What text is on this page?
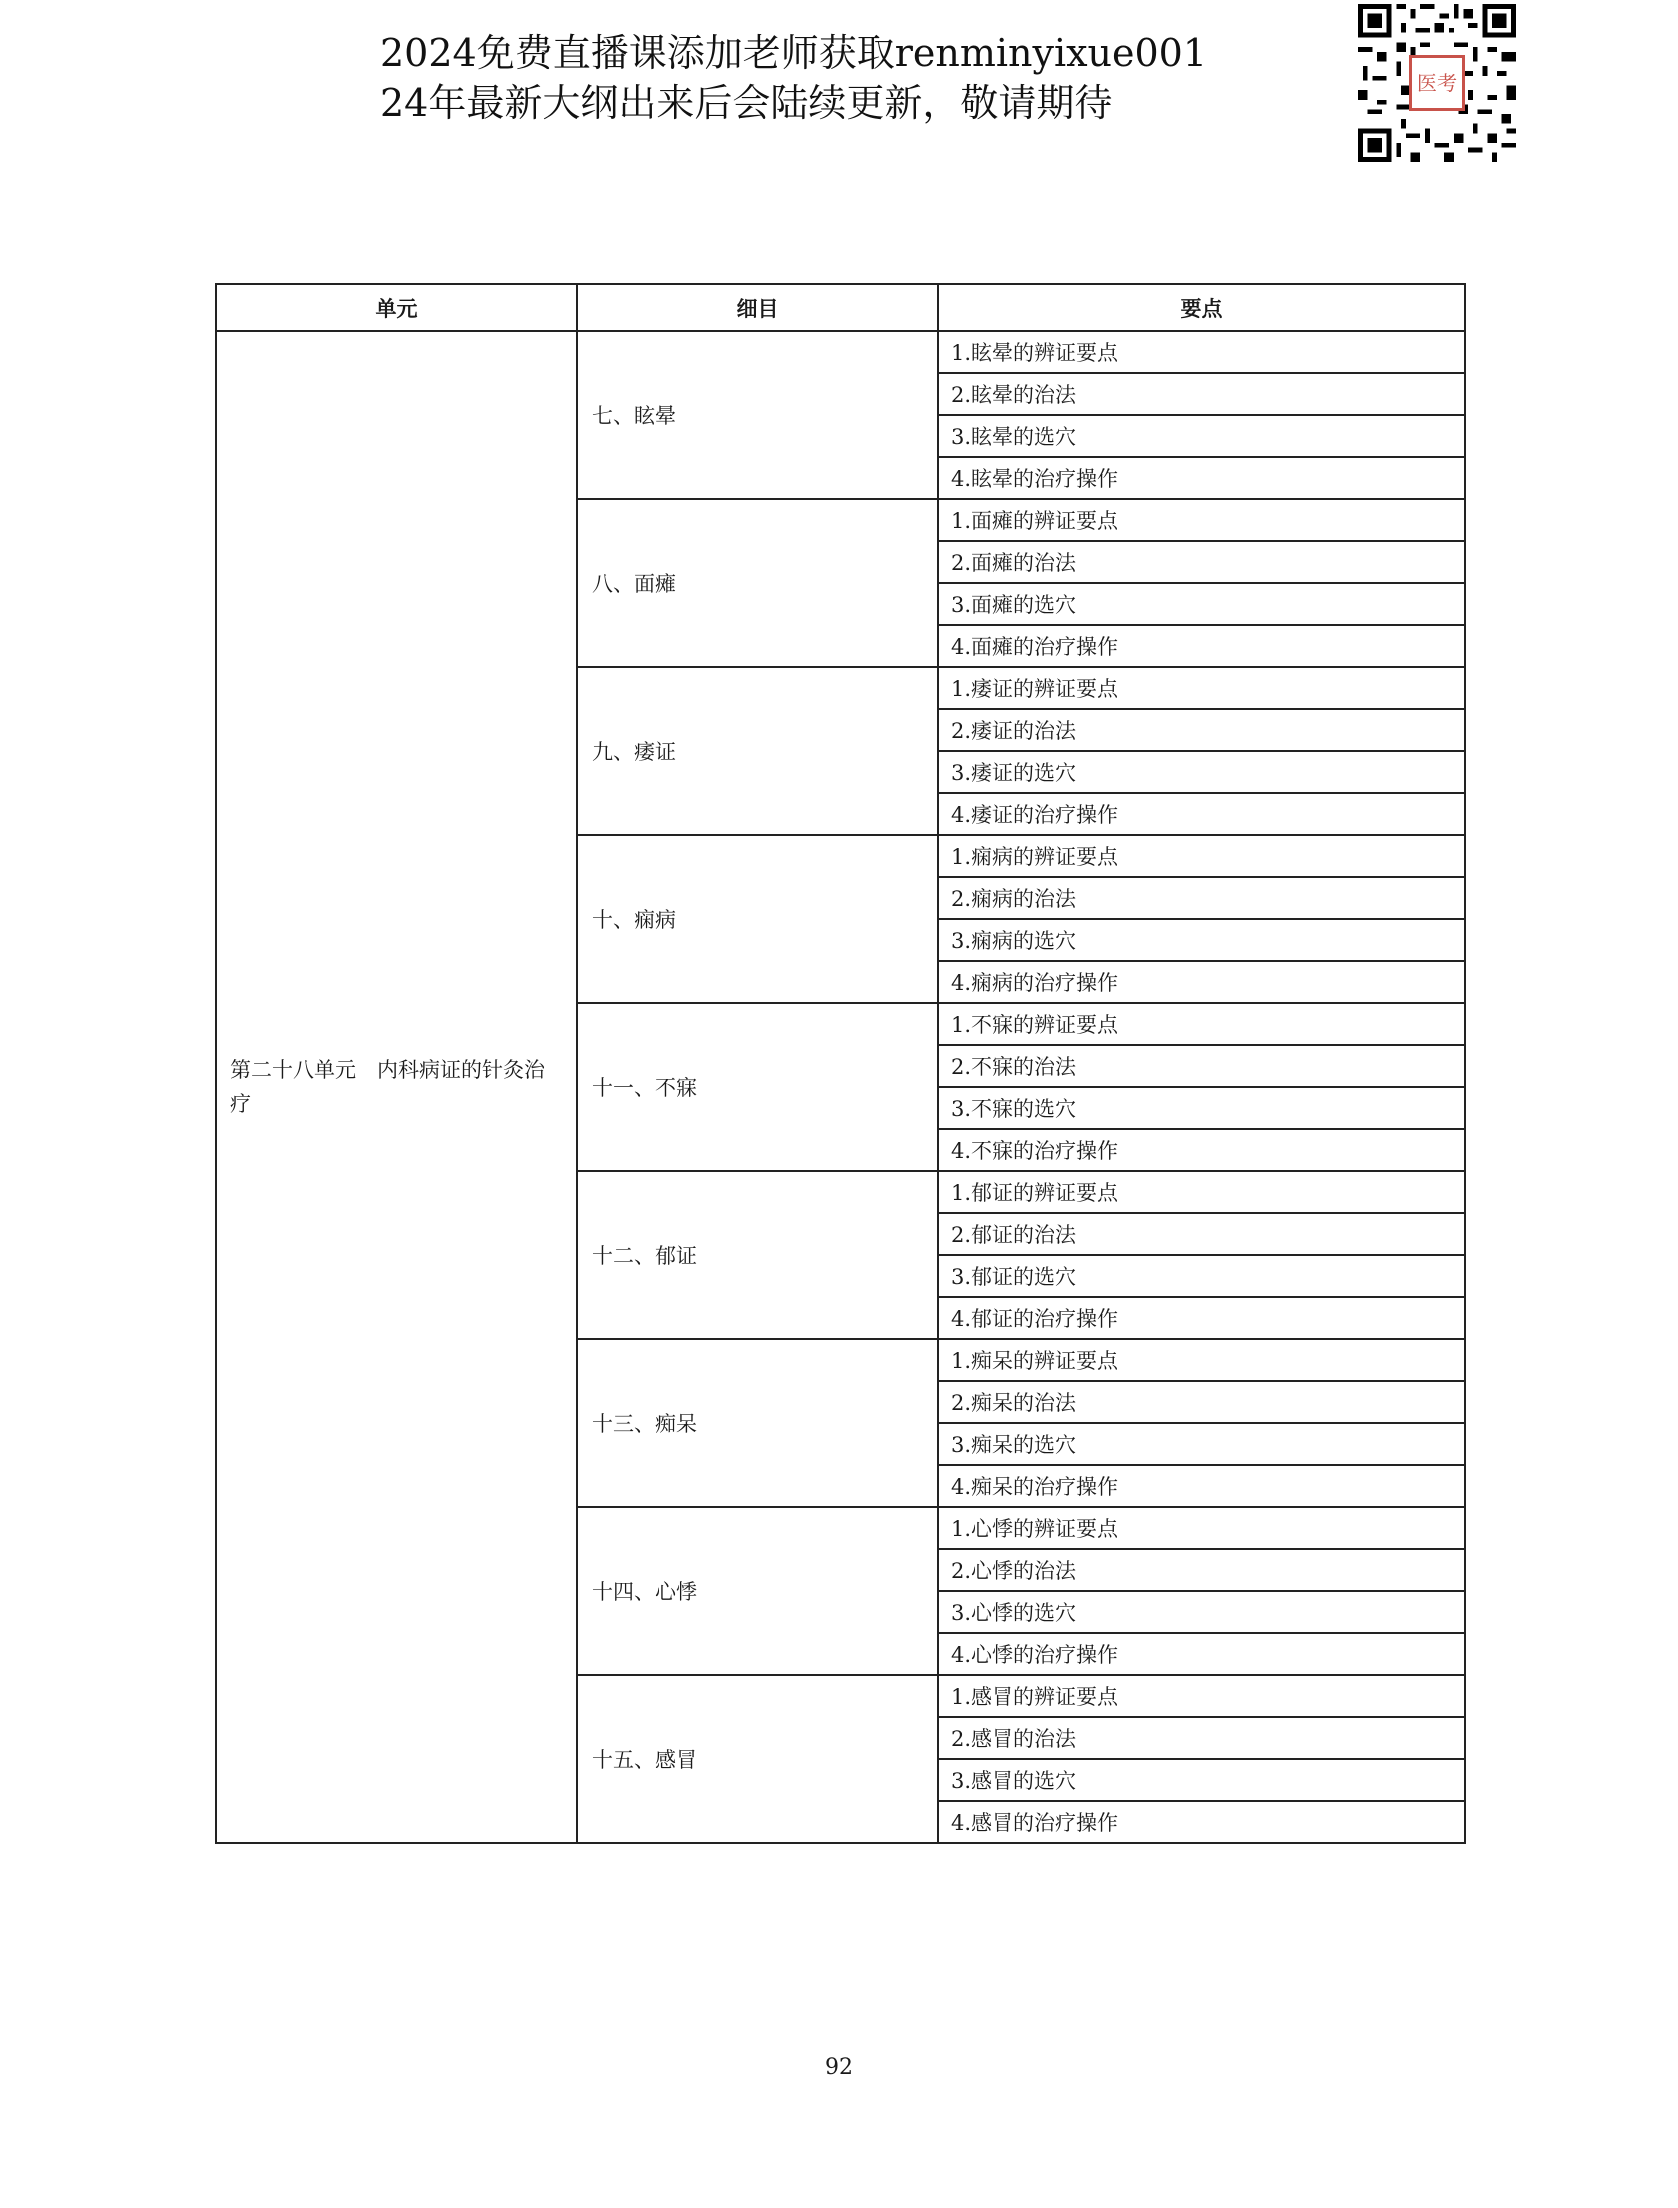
2024免费直播课添加老师获取renminyixue001
24年最新大纲出来后会陆续更新，敬请期待	医考
单元	细目	要点
第二十八单元　内科病证的针灸治疗	七、眩晕	1.眩晕的辨证要点
		2.眩晕的治法
		3.眩晕的选穴
		4.眩晕的治疗操作
	八、面瘫	1.面瘫的辨证要点
		2.面瘫的治法
		3.面瘫的选穴
		4.面瘫的治疗操作
	九、痿证	1.痿证的辨证要点
		2.痿证的治法
		3.痿证的选穴
		4.痿证的治疗操作
	十、痫病	1.痫病的辨证要点
		2.痫病的治法
		3.痫病的选穴
		4.痫病的治疗操作
	十一、不寐	1.不寐的辨证要点
		2.不寐的治法
		3.不寐的选穴
		4.不寐的治疗操作
	十二、郁证	1.郁证的辨证要点
		2.郁证的治法
		3.郁证的选穴
		4.郁证的治疗操作
	十三、痴呆	1.痴呆的辨证要点
		2.痴呆的治法
		3.痴呆的选穴
		4.痴呆的治疗操作
	十四、心悸	1.心悸的辨证要点
		2.心悸的治法
		3.心悸的选穴
		4.心悸的治疗操作
	十五、感冒	1.感冒的辨证要点
		2.感冒的治法
		3.感冒的选穴
		4.感冒的治疗操作
92
